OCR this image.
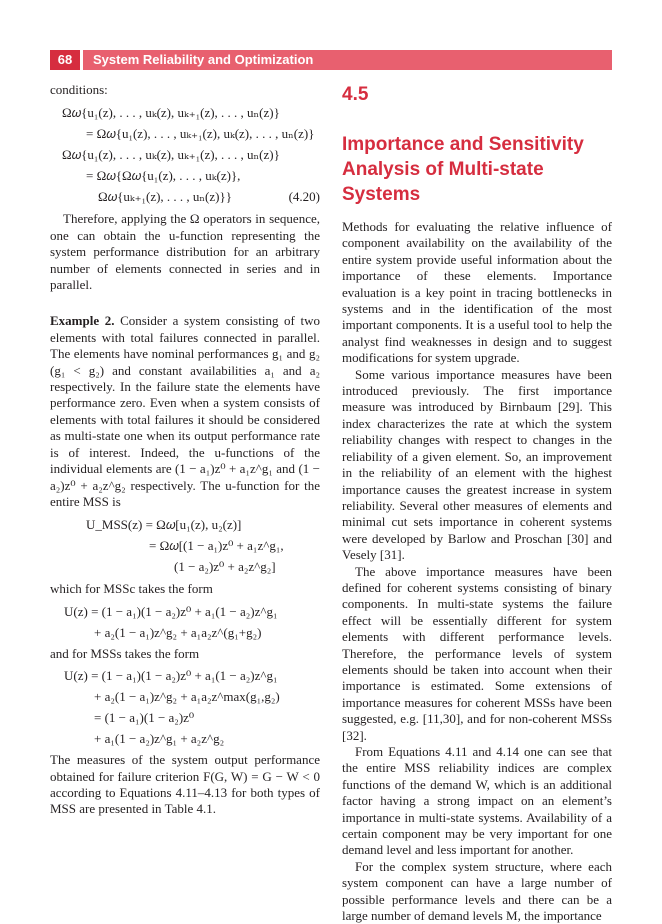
68	System Reliability and Optimization

conditions:

Ω𝜔{u₁(z), . . . , uₖ(z), uₖ₊₁(z), . . . , uₙ(z)}
= Ω𝜔{u₁(z), . . . , uₖ₊₁(z), uₖ(z), . . . , uₙ(z)}
Ω𝜔{u₁(z), . . . , uₖ(z), uₖ₊₁(z), . . . , uₙ(z)}
= Ω𝜔{Ω𝜔{u₁(z), . . . , uₖ(z)},
Ω𝜔{uₖ₊₁(z), . . . , uₙ(z)}}	(4.20)

Therefore, applying the Ω operators in sequence, one can obtain the u-function representing the system performance distribution for an arbitrary number of elements connected in series and in parallel.

Example 2. Consider a system consisting of two elements with total failures connected in parallel. The elements have nominal performances g₁ and g₂ (g₁ < g₂) and constant availabilities a₁ and a₂ respectively. In the failure state the elements have performance zero. Even when a system consists of elements with total failures it should be considered as multi-state one when its output performance rate is of interest. Indeed, the u-functions of the individual elements are (1 − a₁)z⁰ + a₁z^g₁ and (1 − a₂)z⁰ + a₂z^g₂ respectively. The u-function for the entire MSS is

U_MSS(z) = Ω𝜔[u₁(z), u₂(z)]
= Ω𝜔[(1 − a₁)z⁰ + a₁z^g₁,
(1 − a₂)z⁰ + a₂z^g₂]

which for MSSc takes the form

U(z) = (1 − a₁)(1 − a₂)z⁰ + a₁(1 − a₂)z^g₁
+ a₂(1 − a₁)z^g₂ + a₁a₂z^(g₁+g₂)

and for MSSs takes the form

U(z) = (1 − a₁)(1 − a₂)z⁰ + a₁(1 − a₂)z^g₁
+ a₂(1 − a₁)z^g₂ + a₁a₂z^max(g₁,g₂)
= (1 − a₁)(1 − a₂)z⁰
+ a₁(1 − a₂)z^g₁ + a₂z^g₂

The measures of the system output performance obtained for failure criterion F(G, W) = G − W < 0 according to Equations 4.11–4.13 for both types of MSS are presented in Table 4.1.

4.5

Importance and Sensitivity
Analysis of Multi-state Systems

Methods for evaluating the relative influence of component availability on the availability of the entire system provide useful information about the importance of these elements. Importance evaluation is a key point in tracing bottlenecks in systems and in the identification of the most important components. It is a useful tool to help the analyst find weaknesses in design and to suggest modifications for system upgrade.

Some various importance measures have been introduced previously. The first importance measure was introduced by Birnbaum [29]. This index characterizes the rate at which the system reliability changes with respect to changes in the reliability of a given element. So, an improvement in the reliability of an element with the highest importance causes the greatest increase in system reliability. Several other measures of elements and minimal cut sets importance in coherent systems were developed by Barlow and Proschan [30] and Vesely [31].

The above importance measures have been defined for coherent systems consisting of binary components. In multi-state systems the failure effect will be essentially different for system elements with different performance levels. Therefore, the performance levels of system elements should be taken into account when their importance is estimated. Some extensions of importance measures for coherent MSSs have been suggested, e.g. [11,30], and for non-coherent MSSs [32].

From Equations 4.11 and 4.14 one can see that the entire MSS reliability indices are complex functions of the demand W, which is an additional factor having a strong impact on an element’s importance in multi-state systems. Availability of a certain component may be very important for one demand level and less important for another.

For the complex system structure, where each system component can have a large number of possible performance levels and there can be a large number of demand levels M, the importance
